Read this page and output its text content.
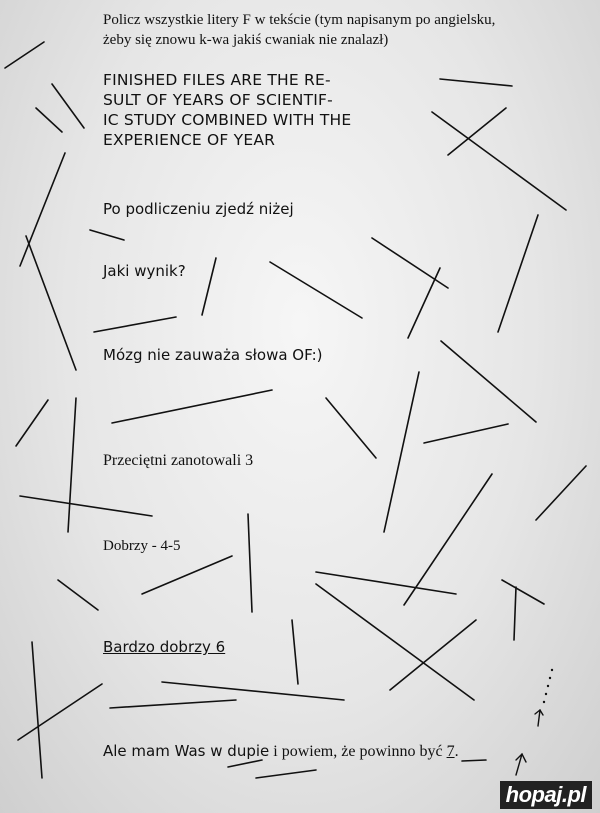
Policz wszystkie litery F w tekście (tym napisanym po angielsku,
żeby się znowu k-wa jakiś cwaniak nie znalazł)
FINISHED FILES ARE THE RE-
SULT OF YEARS OF SCIENTIF-
IC STUDY COMBINED WITH THE
EXPERIENCE OF YEAR
Po podliczeniu zjedź niżej
Jaki wynik?
Mózg nie zauważa słowa OF:)
Przeciętni zanotowali 3
Dobrzy - 4-5
Bardzo dobrzy 6
Ale mam Was w dupie i powiem, że powinno być 7.
hopaj.pl
